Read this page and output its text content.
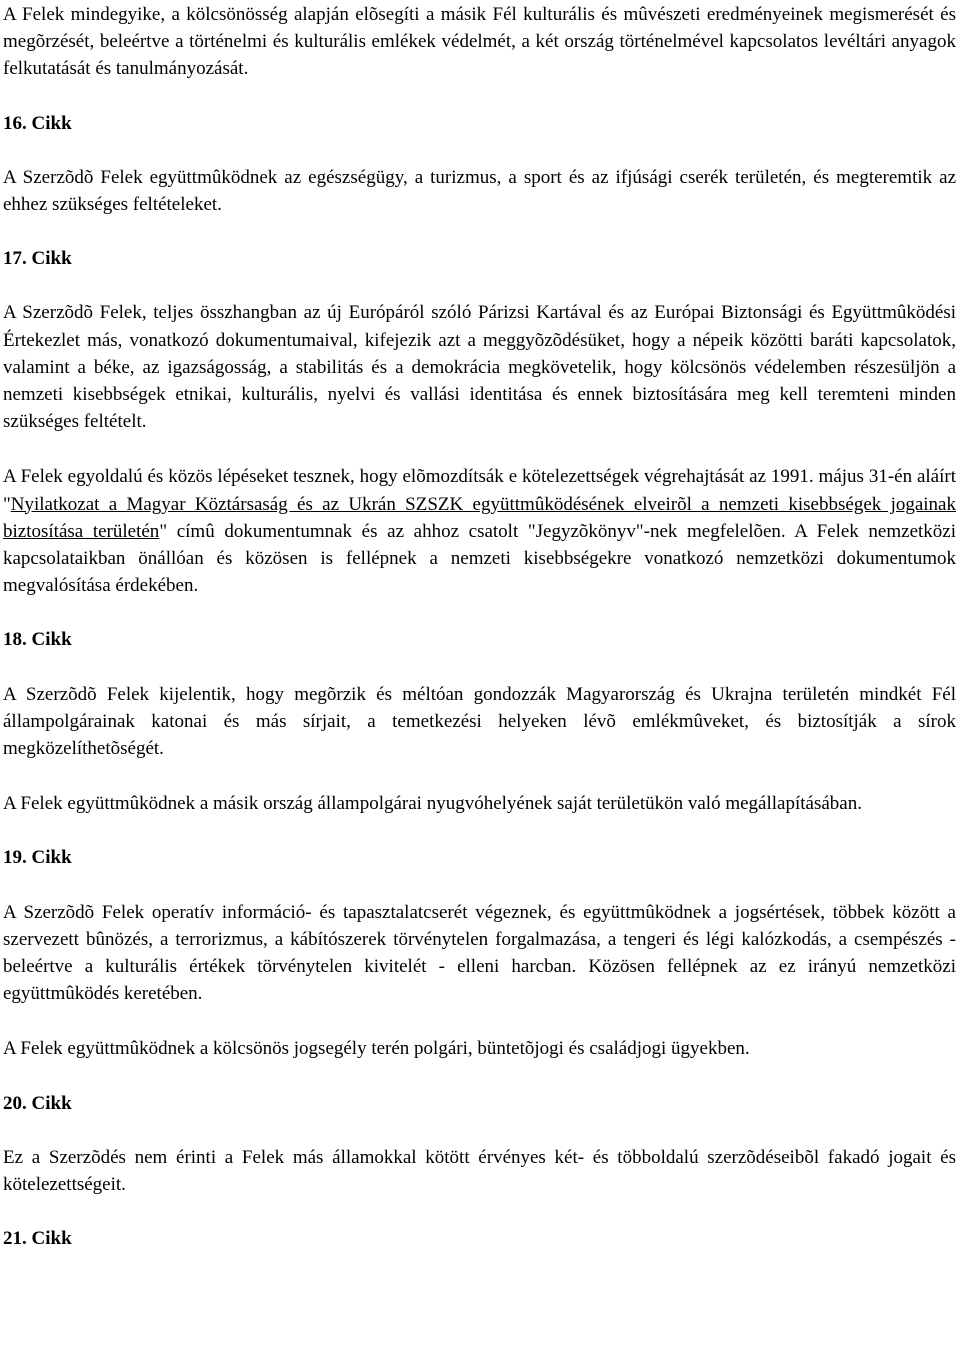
A Felek mindegyike, a kölcsönösség alapján elõsegíti a másik Fél kulturális és mûvészeti eredményeinek megismerését és megõrzését, beleértve a történelmi és kulturális emlékek védelmét, a két ország történelmével kapcsolatos levéltári anyagok felkutatását és tanulmányozását.

16. Cikk

A Szerzõdõ Felek együttmûködnek az egészségügy, a turizmus, a sport és az ifjúsági cserék területén, és megteremtik az ehhez szükséges feltételeket.

17. Cikk

A Szerzõdõ Felek, teljes összhangban az új Európáról szóló Párizsi Kartával és az Európai Biztonsági és Együttmûködési Értekezlet más, vonatkozó dokumentumaival, kifejezik azt a meggyõzõdésüket, hogy a népeik közötti baráti kapcsolatok, valamint a béke, az igazságosság, a stabilitás és a demokrácia megkövetelik, hogy kölcsönös védelemben részesüljön a nemzeti kisebbségek etnikai, kulturális, nyelvi és vallási identitása és ennek biztosítására meg kell teremteni minden szükséges feltételt.

A Felek egyoldalú és közös lépéseket tesznek, hogy elõmozdítsák e kötelezettségek végrehajtását az 1991. május 31-én aláírt "Nyilatkozat a Magyar Köztársaság és az Ukrán SZSZK együttmûködésének elveirõl a nemzeti kisebbségek jogainak biztosítása területén" címû dokumentumnak és az ahhoz csatolt "Jegyzõkönyv"-nek megfelelõen. A Felek nemzetközi kapcsolataikban önállóan és közösen is fellépnek a nemzeti kisebbségekre vonatkozó nemzetközi dokumentumok megvalósítása érdekében.

18. Cikk

A Szerzõdõ Felek kijelentik, hogy megõrzik és méltóan gondozzák Magyarország és Ukrajna területén mindkét Fél állampolgárainak katonai és más sírjait, a temetkezési helyeken lévõ emlékmûveket, és biztosítják a sírok megközelíthetõségét.

A Felek együttmûködnek a másik ország állampolgárai nyugvóhelyének saját területükön való megállapításában.

19. Cikk

A Szerzõdõ Felek operatív információ- és tapasztalatcserét végeznek, és együttmûködnek a jogsértések, többek között a szervezett bûnözés, a terrorizmus, a kábítószerek törvénytelen forgalmazása, a tengeri és légi kalózkodás, a csempészés - beleértve a kulturális értékek törvénytelen kivitelét - elleni harcban. Közösen fellépnek az ez irányú nemzetközi együttmûködés keretében.

A Felek együttmûködnek a kölcsönös jogsegély terén polgári, büntetõjogi és családjogi ügyekben.

20. Cikk

Ez a Szerzõdés nem érinti a Felek más államokkal kötött érvényes két- és többoldalú szerzõdéseibõl fakadó jogait és kötelezettségeit.

21. Cikk
